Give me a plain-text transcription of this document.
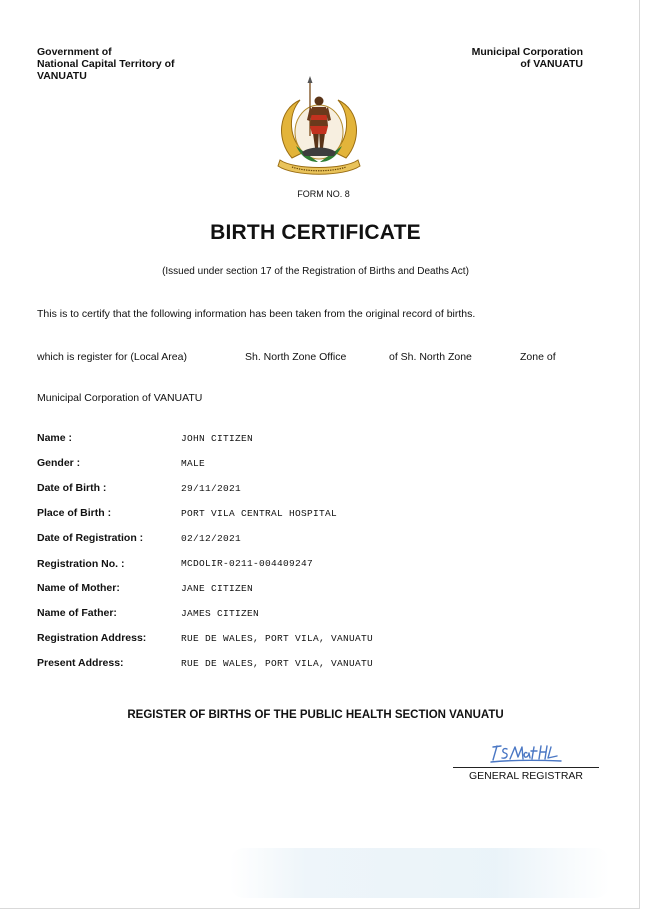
Government of
National Capital Territory of
VANUATU
Municipal Corporation
of VANUATU
FORM NO. 8
BIRTH CERTIFICATE
(Issued under section 17 of the Registration of Births and Deaths Act)
This is to certify that the following information has been taken from the original record of births.
which is register for (Local Area)	Sh. North Zone Office	of Sh. North Zone	Zone of
Municipal Corporation of VANUATU
Name :	JOHN CITIZEN
Gender :	MALE
Date of Birth :	29/11/2021
Place of Birth :	PORT VILA CENTRAL HOSPITAL
Date of Registration :	02/12/2021
Registration No. :	MCDOLIR-0211-004409247
Name of Mother:	JANE CITIZEN
Name of Father:	JAMES CITIZEN
Registration Address:	RUE DE WALES, PORT VILA, VANUATU
Present Address:	RUE DE WALES, PORT VILA, VANUATU
REGISTER OF BIRTHS OF THE PUBLIC HEALTH SECTION VANUATU
GENERAL REGISTRAR
